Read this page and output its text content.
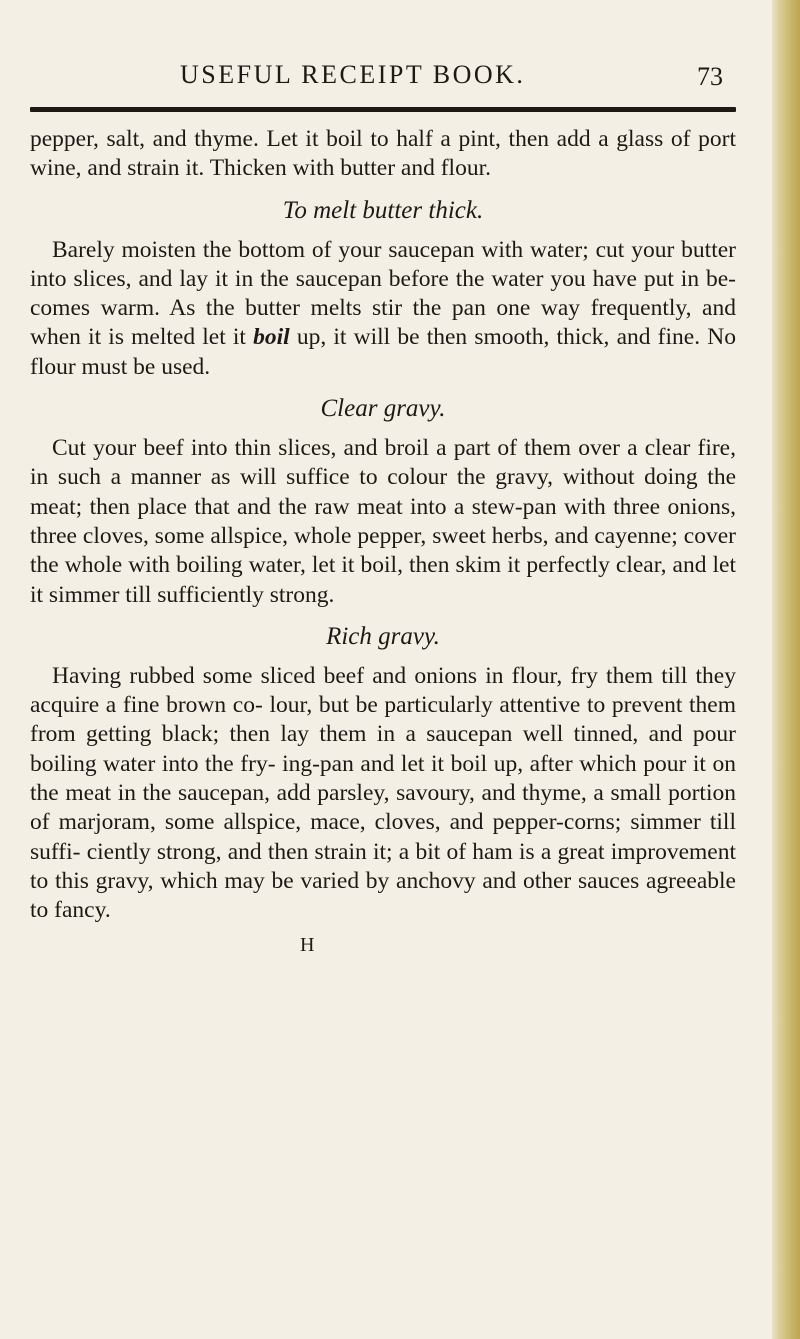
USEFUL RECEIPT BOOK.	73

pepper, salt, and thyme. Let it boil to half a pint, then add a glass of port wine, and strain it. Thicken with butter and flour.

To melt butter thick.

Barely moisten the bottom of your saucepan with water; cut your butter into slices, and lay it in the saucepan before the water you have put in be- comes warm. As the butter melts stir the pan one way frequently, and when it is melted let it boil up, it will be then smooth, thick, and fine. No flour must be used.

Clear gravy.

Cut your beef into thin slices, and broil a part of them over a clear fire, in such a manner as will suffice to colour the gravy, without doing the meat; then place that and the raw meat into a stew-pan with three onions, three cloves, some allspice, whole pepper, sweet herbs, and cayenne; cover the whole with boiling water, let it boil, then skim it perfectly clear, and let it simmer till sufficiently strong.

Rich gravy.

Having rubbed some sliced beef and onions in flour, fry them till they acquire a fine brown co- lour, but be particularly attentive to prevent them from getting black; then lay them in a saucepan well tinned, and pour boiling water into the fry- ing-pan and let it boil up, after which pour it on the meat in the saucepan, add parsley, savoury, and thyme, a small portion of marjoram, some allspice, mace, cloves, and pepper-corns; simmer till suffi- ciently strong, and then strain it; a bit of ham is a great improvement to this gravy, which may be varied by anchovy and other sauces agreeable to fancy.

H
